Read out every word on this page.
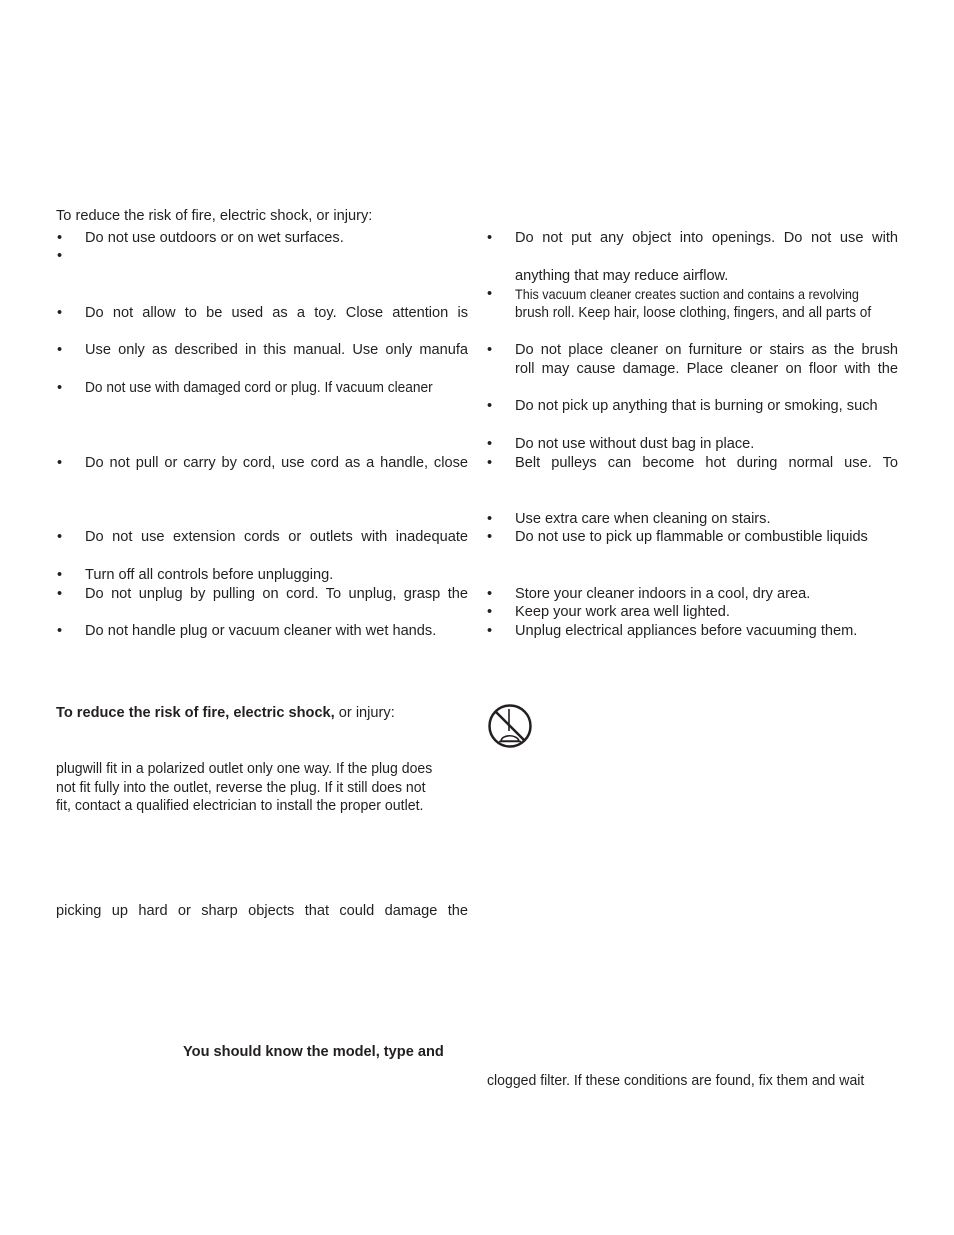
To reduce the risk of fire, electric shock, or injury:
• Do not use outdoors or on wet surfaces.
•
• Do not allow to be used as a toy. Close attention is
• Use only as described in this manual. Use only manufa
• Do not use with damaged cord or plug. If vacuum cleaner
• Do not pull or carry by cord, use cord as a handle, close
• Do not use extension cords or outlets with inadequate
• Turn off all controls before unplugging.
• Do not unplug by pulling on cord. To unplug, grasp the
• Do not handle plug or vacuum cleaner with wet hands.
To reduce the risk of fire, electric shock, or injury:
plugwill fit in a polarized outlet only one way. If the plug does
not fit fully into the outlet, reverse the plug. If it still does not
fit, contact a qualified electrician to install the proper outlet.
picking up hard or sharp objects that could damage the
You should know the model, type and
• Do not put any object into openings. Do not use with
anything that may reduce airflow.
• This vacuum cleaner creates suction and contains a revolving
brush roll. Keep hair, loose clothing, fingers, and all parts of
• Do not place cleaner on furniture or stairs as the brush
roll may cause damage. Place cleaner on floor with the
• Do not pick up anything that is burning or smoking, such
• Do not use without dust bag in place.
• Belt pulleys can become hot during normal use. To
• Use extra care when cleaning on stairs.
• Do not use to pick up flammable or combustible liquids
• Store your cleaner indoors in a cool, dry area.
• Keep your work area well lighted.
• Unplug electrical appliances before vacuuming them.
clogged filter. If these conditions are found, fix them and wait
